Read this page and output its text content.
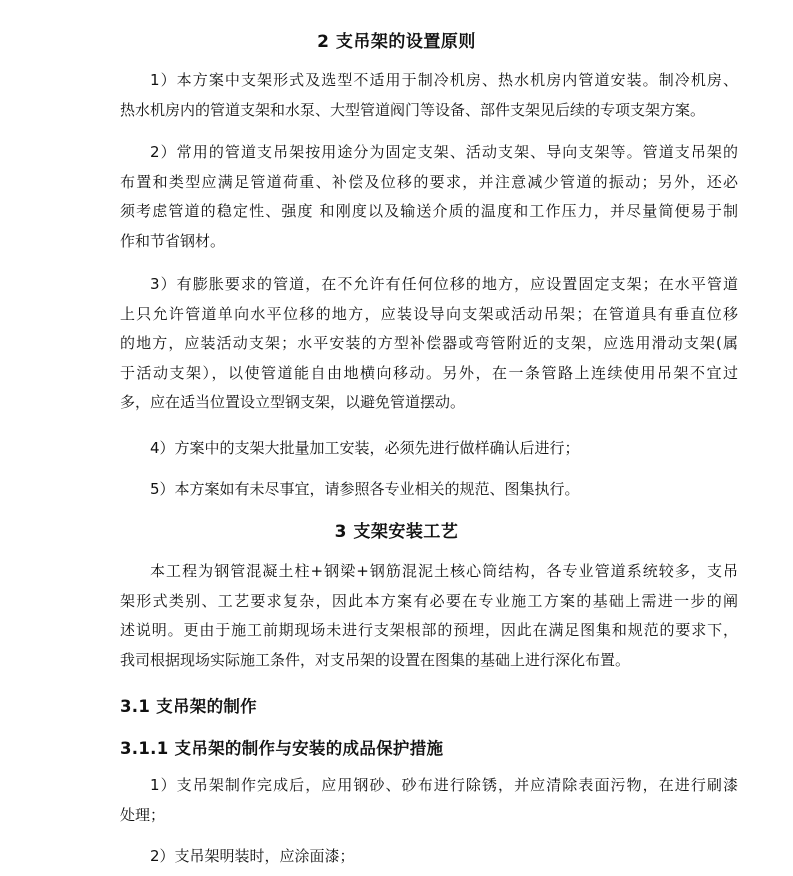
2 支吊架的设置原则
1）本方案中支架形式及选型不适用于制冷机房、热水机房内管道安装。制冷机房、
热水机房内的管道支架和水泵、大型管道阀门等设备、部件支架见后续的专项支架方案。
2）常用的管道支吊架按用途分为固定支架、活动支架、导向支架等。管道支吊架的
布置和类型应满足管道荷重、补偿及位移的要求，并注意减少管道的振动；另外，还必
须考虑管道的稳定性、强度 和刚度以及输送介质的温度和工作压力，并尽量简便易于制
作和节省钢材。
3）有膨胀要求的管道，在不允许有任何位移的地方，应设置固定支架；在水平管道
上只允许管道单向水平位移的地方，应装设导向支架或活动吊架；在管道具有垂直位移
的地方，应装活动支架；水平安装的方型补偿器或弯管附近的支架，应选用滑动支架(属
于活动支架），以使管道能自由地横向移动。另外，在一条管路上连续使用吊架不宜过
多，应在适当位置设立型钢支架，以避免管道摆动。
4）方案中的支架大批量加工安装，必须先进行做样确认后进行；
5）本方案如有未尽事宜，请参照各专业相关的规范、图集执行。
3 支架安装工艺
本工程为钢管混凝土柱+钢梁+钢筋混泥土核心筒结构，各专业管道系统较多，支吊
架形式类别、工艺要求复杂，因此本方案有必要在专业施工方案的基础上需进一步的阐
述说明。更由于施工前期现场未进行支架根部的预埋，因此在满足图集和规范的要求下，
我司根据现场实际施工条件，对支吊架的设置在图集的基础上进行深化布置。
3.1 支吊架的制作
3.1.1 支吊架的制作与安装的成品保护措施
1）支吊架制作完成后，应用钢砂、砂布进行除锈，并应清除表面污物，在进行刷漆
处理；
2）支吊架明装时，应涂面漆；
